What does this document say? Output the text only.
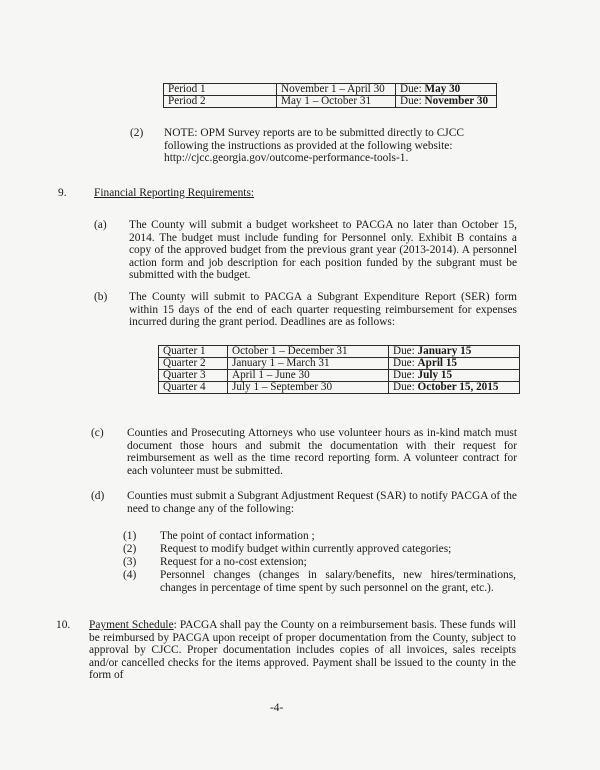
Period 1	November 1 – April 30	Due: May 30
Period 2	May 1 – October 31	Due: November 30
(2) NOTE: OPM Survey reports are to be submitted directly to CJCC following the instructions as provided at the following website: http://cjcc.georgia.gov/outcome-performance-tools-1.
9. Financial Reporting Requirements:
(a) The County will submit a budget worksheet to PACGA no later than October 15, 2014. The budget must include funding for Personnel only. Exhibit B contains a copy of the approved budget from the previous grant year (2013-2014). A personnel action form and job description for each position funded by the subgrant must be submitted with the budget.
(b) The County will submit to PACGA a Subgrant Expenditure Report (SER) form within 15 days of the end of each quarter requesting reimbursement for expenses incurred during the grant period. Deadlines are as follows:
Quarter 1	October 1 – December 31	Due: January 15
Quarter 2	January 1 – March 31	Due: April 15
Quarter 3	April 1 – June 30	Due: July 15
Quarter 4	July 1 – September 30	Due: October 15, 2015
(c) Counties and Prosecuting Attorneys who use volunteer hours as in-kind match must document those hours and submit the documentation with their request for reimbursement as well as the time record reporting form. A volunteer contract for each volunteer must be submitted.
(d) Counties must submit a Subgrant Adjustment Request (SAR) to notify PACGA of the need to change any of the following:
(1) The point of contact information ;
(2) Request to modify budget within currently approved categories;
(3) Request for a no-cost extension;
(4) Personnel changes (changes in salary/benefits, new hires/terminations, changes in percentage of time spent by such personnel on the grant, etc.).
10. Payment Schedule: PACGA shall pay the County on a reimbursement basis. These funds will be reimbursed by PACGA upon receipt of proper documentation from the County, subject to approval by CJCC. Proper documentation includes copies of all invoices, sales receipts and/or cancelled checks for the items approved. Payment shall be issued to the county in the form of
-4-
